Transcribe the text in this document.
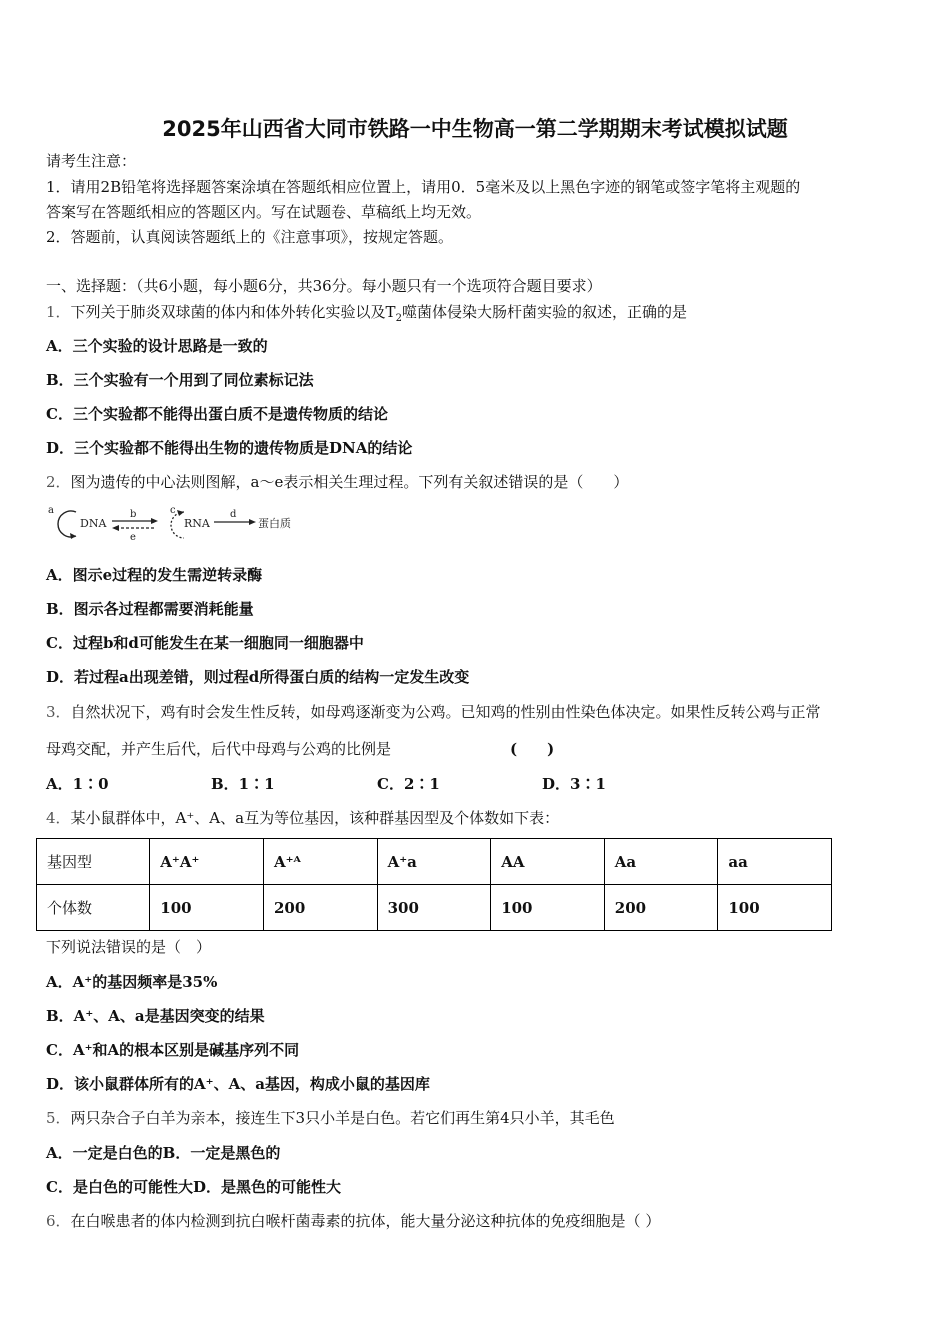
2025年山西省大同市铁路一中生物高一第二学期期末考试模拟试题
请考生注意：
1．请用2B铅笔将选择题答案涂填在答题纸相应位置上，请用0．5毫米及以上黑色字迹的钢笔或签字笔将主观题的
答案写在答题纸相应的答题区内。写在试题卷、草稿纸上均无效。
2．答题前，认真阅读答题纸上的《注意事项》，按规定答题。
一、选择题：（共6小题，每小题6分，共36分。每小题只有一个选项符合题目要求）
1．下列关于肺炎双球菌的体内和体外转化实验以及$T_2$噬菌体侵染大肠杆菌实验的叙述，正确的是
A．三个实验的设计思路是一致的
B．三个实验有一个用到了同位素标记法
C．三个实验都不能得出蛋白质不是遗传物质的结论
D．三个实验都不能得出生物的遗传物质是DNA的结论
2．图为遗传的中心法则图解，a～e表示相关生理过程。下列有关叙述错误的是（　　）
a
DNA
b
e
c
RNA
d
蛋白质
A．图示e过程的发生需逆转录酶
B．图示各过程都需要消耗能量
C．过程b和d可能发生在某一细胞同一细胞器中
D．若过程a出现差错，则过程d所得蛋白质的结构一定发生改变
3．自然状况下，鸡有时会发生性反转，如母鸡逐渐变为公鸡。已知鸡的性别由性染色体决定。如果性反转公鸡与正常
母鸡交配，并产生后代，后代中母鸡与公鸡的比例是	(　　)
A．1∶0	B．1∶1	C．2∶1	D．3∶1
4．某小鼠群体中，A⁺、A、a互为等位基因，该种群基因型及个体数如下表：
基因型	A⁺A⁺	A⁺ᴬ	A⁺a	AA	Aa	aa
个体数	100	200	300	100	200	100
下列说法错误的是（　）
A．A⁺的基因频率是35%
B．A⁺、A、a是基因突变的结果
C．A⁺和A的根本区别是碱基序列不同
D．该小鼠群体所有的A⁺、A、a基因，构成小鼠的基因库
5．两只杂合子白羊为亲本，接连生下3只小羊是白色。若它们再生第4只小羊，其毛色
A．一定是白色的B．一定是黑色的
C．是白色的可能性大D．是黑色的可能性大
6．在白喉患者的体内检测到抗白喉杆菌毒素的抗体，能大量分泌这种抗体的免疫细胞是（ ）
